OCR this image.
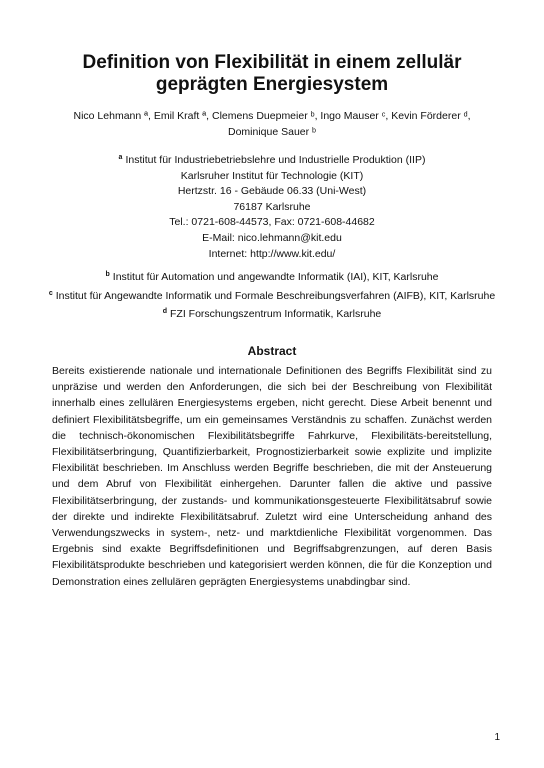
Definition von Flexibilität in einem zellulär geprägten Energiesystem
Nico Lehmann ª, Emil Kraft ª, Clemens Duepmeier ᵇ, Ingo Mauser ᶜ, Kevin Förderer ᵈ, Dominique Sauer ᵇ
$^a$ Institut für Industriebetriebslehre und Industrielle Produktion (IIP)
Karlsruher Institut für Technologie (KIT)
Hertzstr. 16 - Gebäude 06.33 (Uni-West)
76187 Karlsruhe
Tel.: 0721-608-44573, Fax: 0721-608-44682
E-Mail: nico.lehmann@kit.edu
Internet: http://www.kit.edu/
$^b$ Institut für Automation und angewandte Informatik (IAI), KIT, Karlsruhe
$^c$ Institut für Angewandte Informatik und Formale Beschreibungsverfahren (AIFB), KIT, Karlsruhe
$^d$ FZI Forschungszentrum Informatik, Karlsruhe
Abstract
Bereits existierende nationale und internationale Definitionen des Begriffs Flexibilität sind zu unpräzise und werden den Anforderungen, die sich bei der Beschreibung von Flexibilität innerhalb eines zellulären Energiesystems ergeben, nicht gerecht. Diese Arbeit benennt und definiert Flexibilitätsbegriffe, um ein gemeinsames Verständnis zu schaffen. Zunächst werden die technisch-ökonomischen Flexibilitätsbegriffe Fahrkurve, Flexibilitäts-bereitstellung, Flexibilitätserbringung, Quantifizierbarkeit, Prognostizierbarkeit sowie explizite und implizite Flexibilität beschrieben. Im Anschluss werden Begriffe beschrieben, die mit der Ansteuerung und dem Abruf von Flexibilität einhergehen. Darunter fallen die aktive und passive Flexibilitätserbringung, der zustands- und kommunikationsgesteuerte Flexibilitätsabruf sowie der direkte und indirekte Flexibilitätsabruf. Zuletzt wird eine Unterscheidung anhand des Verwendungszwecks in system-, netz- und marktdienliche Flexibilität vorgenommen. Das Ergebnis sind exakte Begriffsdefinitionen und Begriffsabgrenzungen, auf deren Basis Flexibilitätsprodukte beschrieben und kategorisiert werden können, die für die Konzeption und Demonstration eines zellulären geprägten Energiesystems unabdingbar sind.
1
